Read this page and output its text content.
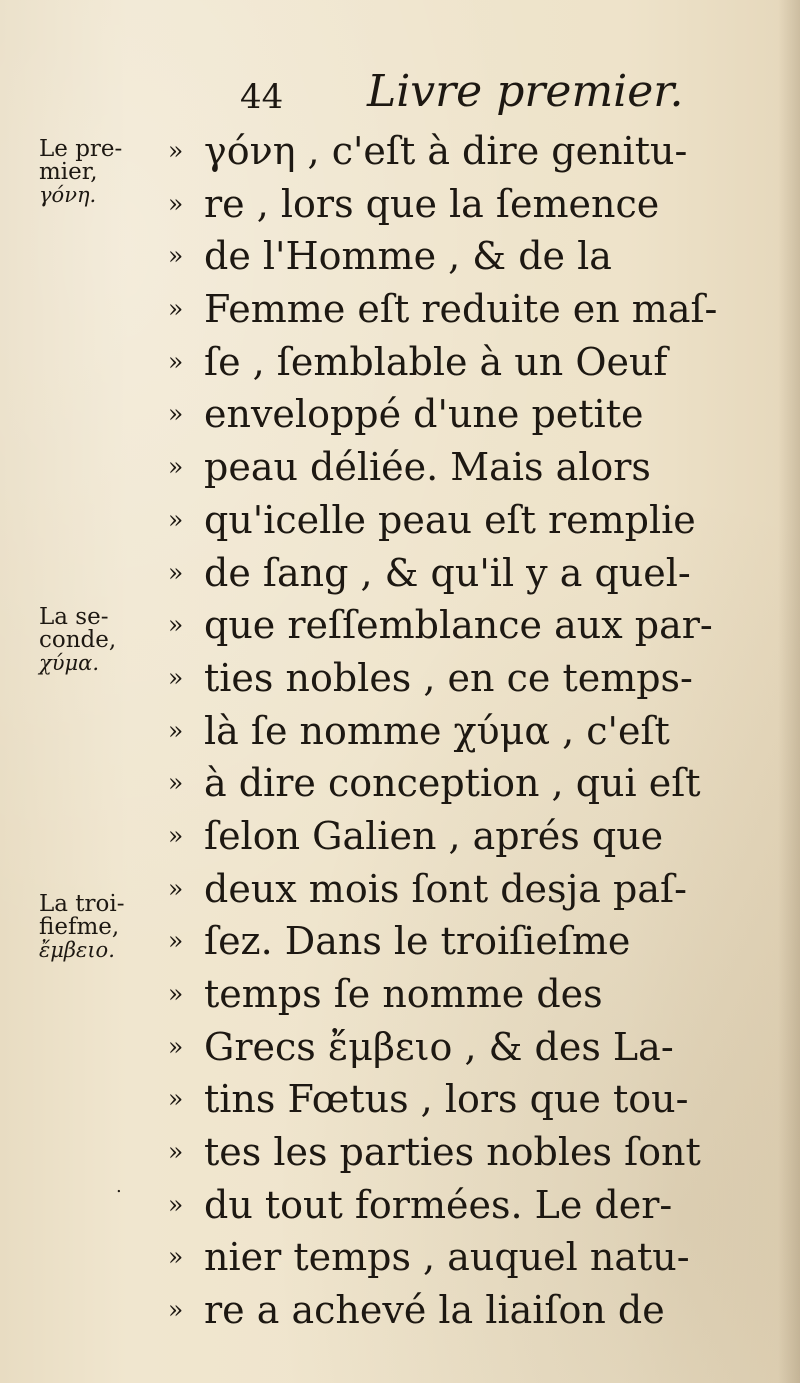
44 Livre premier.
Le pre-
mier,
γόνη.
La se-
conde,
χύμα.
La troi-
fiefme,
ἔμβειο.
.
» γόνη , c'eſt à dire genitu-
» re , lors que la ſemence
» de l'Homme , & de la
» Femme eſt reduite en maſ-
» ſe , ſemblable à un Oeuf
» enveloppé d'une petite
» peau déliée. Mais alors
» qu'icelle peau eſt remplie
» de ſang , & qu'il y a quel-
» que reſſemblance aux par-
» ties nobles , en ce temps-
» là ſe nomme χύμα , c'eſt
» à dire conception , qui eſt
» ſelon Galien , aprés que
» deux mois ſont desja paſ-
» ſez. Dans le troiſieſme
» temps ſe nomme des
» Grecs ἔμβειο , & des La-
» tins Fœtus , lors que tou-
» tes les parties nobles ſont
» du tout formées. Le der-
» nier temps , auquel natu-
» re a achevé la liaiſon de
